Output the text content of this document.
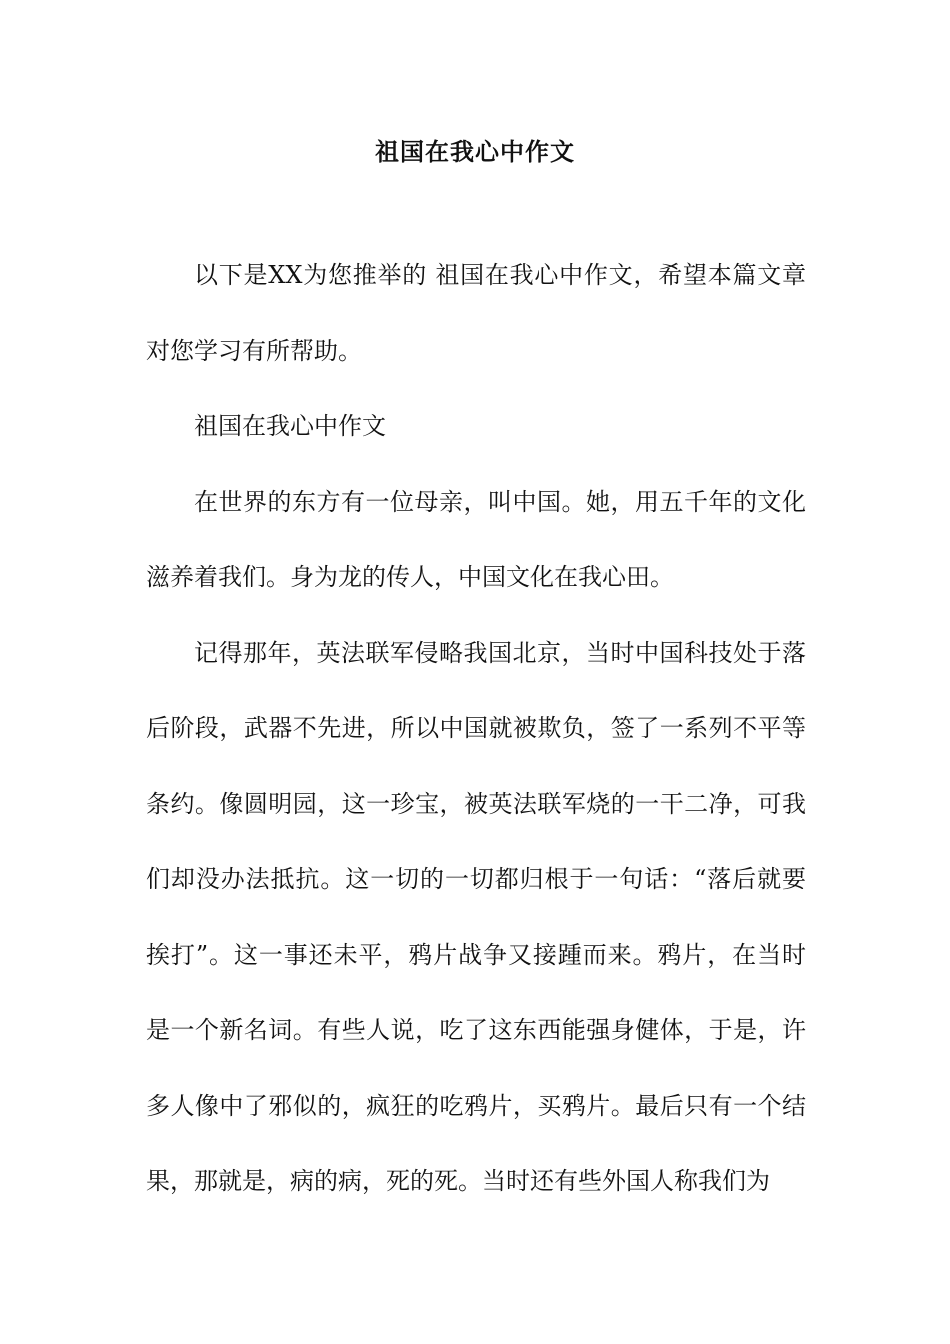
祖国在我心中作文

以下是XX为您推举的 祖国在我心中作文，希望本篇文章对您学习有所帮助。

祖国在我心中作文

在世界的东方有一位母亲，叫中国。她，用五千年的文化滋养着我们。身为龙的传人，中国文化在我心田。

记得那年，英法联军侵略我国北京，当时中国科技处于落后阶段，武器不先进，所以中国就被欺负，签了一系列不平等条约。像圆明园，这一珍宝，被英法联军烧的一干二净，可我们却没办法抵抗。这一切的一切都归根于一句话：“落后就要挨打”。这一事还未平，鸦片战争又接踵而来。鸦片，在当时是一个新名词。有些人说，吃了这东西能强身健体，于是，许多人像中了邪似的，疯狂的吃鸦片，买鸦片。最后只有一个结果，那就是，病的病，死的死。当时还有些外国人称我们为
